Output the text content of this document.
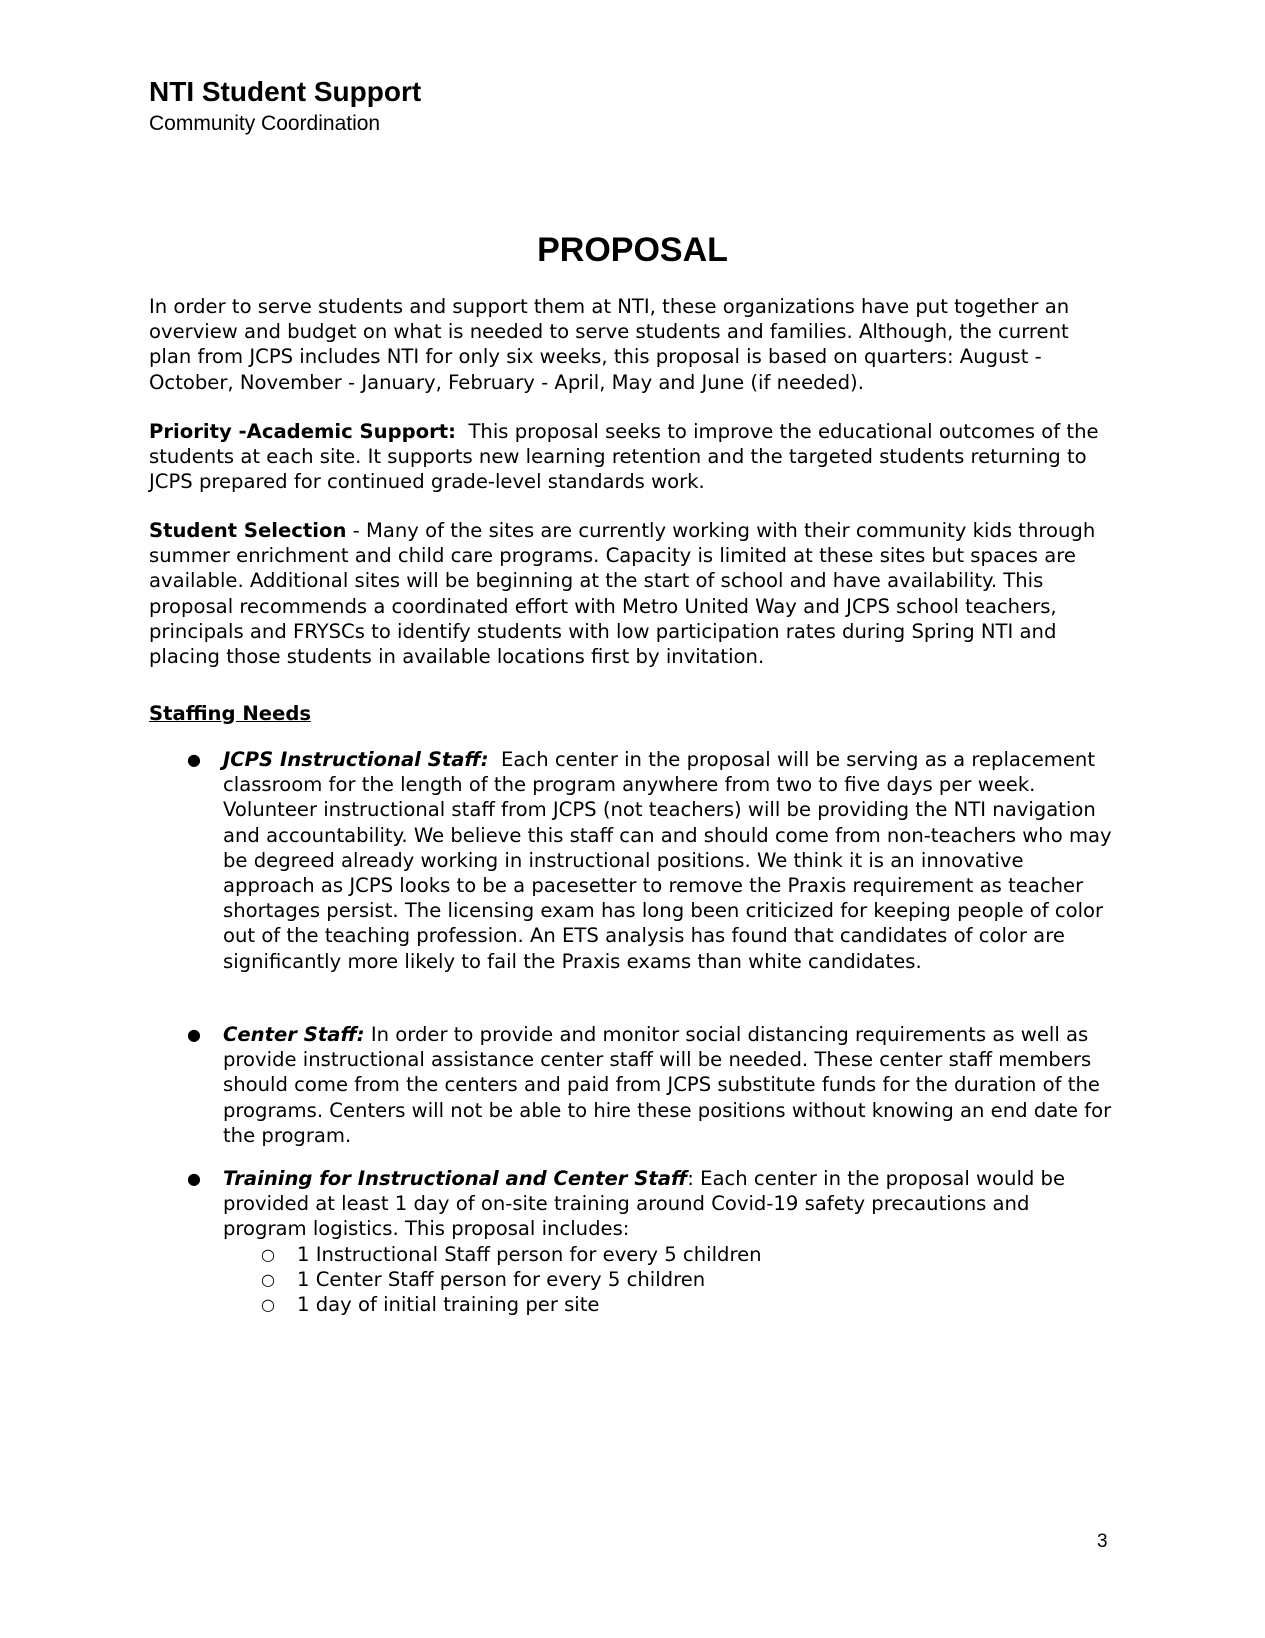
NTI Student Support

Community Coordination

PROPOSAL

In order to serve students and support them at NTI, these organizations have put together an overview and budget on what is needed to serve students and families. Although, the current plan from JCPS includes NTI for only six weeks, this proposal is based on quarters: August - October, November - January, February - April, May and June (if needed).

Priority -Academic Support: This proposal seeks to improve the educational outcomes of the students at each site. It supports new learning retention and the targeted students returning to JCPS prepared for continued grade-level standards work.

Student Selection - Many of the sites are currently working with their community kids through summer enrichment and child care programs. Capacity is limited at these sites but spaces are available. Additional sites will be beginning at the start of school and have availability. This proposal recommends a coordinated effort with Metro United Way and JCPS school teachers, principals and FRYSCs to identify students with low participation rates during Spring NTI and placing those students in available locations first by invitation.

Staffing Needs

● JCPS Instructional Staff: Each center in the proposal will be serving as a replacement classroom for the length of the program anywhere from two to five days per week. Volunteer instructional staff from JCPS (not teachers) will be providing the NTI navigation and accountability. We believe this staff can and should come from non-teachers who may be degreed already working in instructional positions. We think it is an innovative approach as JCPS looks to be a pacesetter to remove the Praxis requirement as teacher shortages persist. The licensing exam has long been criticized for keeping people of color out of the teaching profession. An ETS analysis has found that candidates of color are significantly more likely to fail the Praxis exams than white candidates.
● Center Staff: In order to provide and monitor social distancing requirements as well as provide instructional assistance center staff will be needed. These center staff members should come from the centers and paid from JCPS substitute funds for the duration of the programs. Centers will not be able to hire these positions without knowing an end date for the program.
● Training for Instructional and Center Staff: Each center in the proposal would be provided at least 1 day of on-site training around Covid-19 safety precautions and program logistics. This proposal includes:
○ 1 Instructional Staff person for every 5 children
○ 1 Center Staff person for every 5 children
○ 1 day of initial training per site
3
